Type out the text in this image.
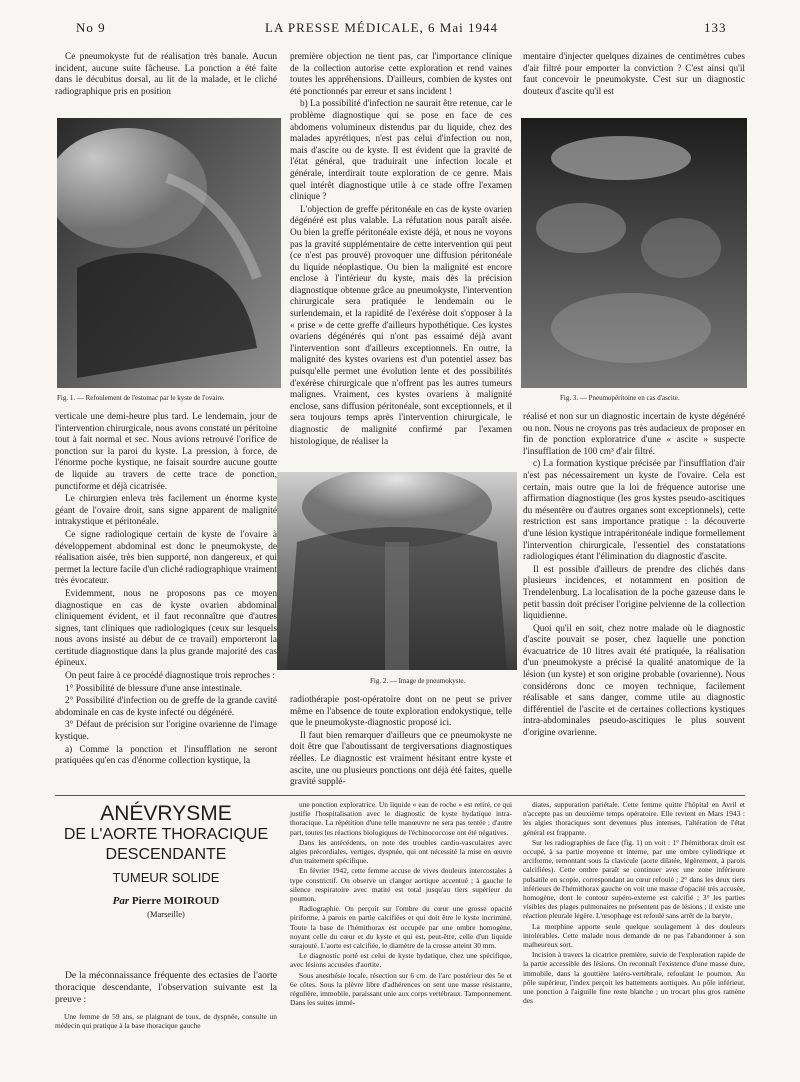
No 9	LA PRESSE MÉDICALE, 6 Mai 1944	133

Ce pneumokyste fut de réalisation très banale. Aucun incident, aucune suite fâcheuse. La ponction a été faite dans le décubitus dorsal, au lit de la malade, et le cliché radiographique pris en position

Fig. 1. — Refoulement de l'estomac par le kyste de l'ovaire.

verticale une demi-heure plus tard. Le lendemain, jour de l'intervention chirurgicale, nous avons constaté un péritoine tout à fait normal et sec. Nous avions retrouvé l'orifice de ponction sur la paroi du kyste. La pression, à force, de l'énorme poche kystique, ne faisait sourdre aucune goutte de liquide au travers de cette trace de ponction, punctiforme et déjà cicatrisée.

Le chirurgien enleva très facilement un énorme kyste géant de l'ovaire droit, sans signe apparent de malignité intrakystique et péritonéale.

Ce signe radiologique certain de kyste de l'ovaire à développement abdominal est donc le pneumokyste, de réalisation aisée, très bien supporté, non dangereux, et qui permet la lecture facile d'un cliché radiographique vraiment très évocateur.

Evidemment, nous ne proposons pas ce moyen diagnostique en cas de kyste ovarien abdominal cliniquement évident, et il faut reconnaître que d'autres signes, tant cliniques que radiologiques (ceux sur lesquels nous avons insisté au début de ce travail) emporteront la certitude diagnostique dans la plus grande majorité des cas épineux.

On peut faire à ce procédé diagnostique trois reproches :

1° Possibilité de blessure d'une anse intestinale.

2° Possibilité d'infection ou de greffe de la grande cavité abdominale en cas de kyste infecté ou dégénéré.

3° Défaut de précision sur l'origine ovarienne de l'image kystique.

a) Comme la ponction et l'insufflation ne seront pratiquées qu'en cas d'énorme collection kystique, la

première objection ne tient pas, car l'importance clinique de la collection autorise cette exploration et rend vaines toutes les appréhensions. D'ailleurs, combien de kystes ont été ponctionnés par erreur et sans incident !

b) La possibilité d'infection ne saurait être retenue, car le problème diagnostique qui se pose en face de ces abdomens volumineux distendus par du liquide, chez des malades apyrétiques, n'est pas celui d'infection ou non, mais d'ascite ou de kyste. Il est évident que la gravité de l'état général, que traduirait une infection locale et générale, interdirait toute exploration de ce genre. Mais quel intérêt diagnostique utile à ce stade offre l'examen clinique ?

L'objection de greffe péritonéale en cas de kyste ovarien dégénéré est plus valable. La réfutation nous paraît aisée. Ou bien la greffe péritonéale existe déjà, et nous ne voyons pas la gravité supplémentaire de cette intervention qui peut (ce n'est pas prouvé) provoquer une diffusion péritonéale du liquide néoplastique. Ou bien la malignité est encore enclose à l'intérieur du kyste, mais dès la précision diagnostique obtenue grâce au pneumokyste, l'intervention chirurgicale sera pratiquée le lendemain ou le surlendemain, et la rapidité de l'exérèse doit s'opposer à la « prise » de cette greffe d'ailleurs hypothétique. Ces kystes ovariens dégénérés qui n'ont pas essaimé déjà avant l'intervention sont d'ailleurs exceptionnels. En outre, la malignité des kystes ovariens est d'un potentiel assez bas puisqu'elle permet une évolution lente et des possibilités d'exérèse chirurgicale que n'offrent pas les autres tumeurs malignes. Vraiment, ces kystes ovariens à malignité enclose, sans diffusion péritonéale, sont exceptionnels, et il sera toujours temps après l'intervention chirurgicale, le diagnostic de malignité confirmé par l'examen histologique, de réaliser la

Fig. 2. — Image de pneumokyste.

radiothérapie post-opératoire dont on ne peut se priver même en l'absence de toute exploration endokystique, telle que le pneumokyste-diagnostic proposé ici.

Il faut bien remarquer d'ailleurs que ce pneumokyste ne doit être que l'aboutissant de tergiversations diagnostiques réelles. Le diagnostic est vraiment hésitant entre kyste et ascite, une ou plusieurs ponctions ont déjà été faites, quelle gravité supplé-

mentaire d'injecter quelques dizaines de centimètres cubes d'air filtré pour emporter la conviction ? C'est ainsi qu'il faut concevoir le pneumokyste. C'est sur un diagnostic douteux d'ascite qu'il est

Fig. 3. — Pneumopéritoine en cas d'ascite.

réalisé et non sur un diagnostic incertain de kyste dégénéré ou non. Nous ne croyons pas très audacieux de proposer en fin de ponction exploratrice d'une « ascite » suspecte l'insufflation de 100 cm³ d'air filtré.

c) La formation kystique précisée par l'insufflation d'air n'est pas nécessairement un kyste de l'ovaire. Cela est certain, mais outre que la loi de fréquence autorise une affirmation diagnostique (les gros kystes pseudo-ascitiques du mésentère ou d'autres organes sont exceptionnels), cette restriction est sans importance pratique : la découverte d'une lésion kystique intrapéritonéale indique formellement l'intervention chirurgicale, l'essentiel des constatations radiologiques étant l'élimination du diagnostic d'ascite.

Il est possible d'ailleurs de prendre des clichés dans plusieurs incidences, et notamment en position de Trendelenburg. La localisation de la poche gazeuse dans le petit bassin doit préciser l'origine pelvienne de la collection liquidienne.

Quoi qu'il en soit, chez notre malade où le diagnostic d'ascite pouvait se poser, chez laquelle une ponction évacuatrice de 10 litres avait été pratiquée, la réalisation d'un pneumokyste a précisé la qualité anatomique de la lésion (un kyste) et son origine probable (ovarienne). Nous considérons donc ce moyen technique, facilement réalisable et sans danger, comme utile au diagnostic différentiel de l'ascite et de certaines collections kystiques intra-abdominales pseudo-ascitiques le plus souvent d'origine ovarienne.

ANÉVRYSME
DE L'AORTE THORACIQUE
DESCENDANTE
TUMEUR SOLIDE
Par Pierre MOIROUD
(Marseille)

De la méconnaissance fréquente des ectasies de l'aorte thoracique descendante, l'observation suivante est la preuve :

Une femme de 59 ans, se plaignant de toux, de dyspnée, consulte un médecin qui pratique à la base thoracique gauche

une ponction exploratrice. Un liquide « eau de roche » est retiré, ce qui justifie l'hospitalisation avec le diagnostic de kyste hydatique intra-thoracique. La répétition d'une telle manœuvre ne sera pas tentée ; d'autre part, toutes les réactions biologiques de l'échinococcose ont été négatives.

Dans les antécédents, on note des troubles cardio-vasculaires avec algies précordiales, vertiges, dyspnée, qui ont nécessité la mise en œuvre d'un traitement spécifique.

En février 1942, cette femme accuse de vives douleurs intercostales à type constrictif. On observe un clangor aortique accentué ; à gauche le silence respiratoire avec matité est total jusqu'au tiers supérieur du poumon.

Radiographie. On perçoit sur l'ombre du cœur une grosse opacité piriforme, à parois en partie calcifiées et qui doit être le kyste incriminé. Toute la base de l'hémithorax est occupée par une ombre homogène, noyant celle du cœur et du kyste et qui est, peut-être, celle d'un liquide surajouté. L'aorte est calcifiée, le diamètre de la crosse atteint 30 mm.

Le diagnostic porté est celui de kyste hydatique, chez une spécifique, avec lésions accusées d'aortite.

Sous anesthésie locale, résection sur 6 cm. de l'arc postérieur des 5e et 6e côtes. Sous la plèvre libre d'adhérences on sent une masse résistante, régulière, immobile, paraissant unie aux corps vertébraux. Tamponnement. Dans les suites immé-

diates, suppuration pariétale. Cette femme quitte l'hôpital en Avril et n'accepte pas un deuxième temps opératoire. Elle revient en Mars 1943 : les algies thoraciques sont devenues plus intenses, l'altération de l'état général est frappante.

Sur les radiographies de face (fig. 1) on voit : 1° l'hémithorax droit est occupé, à sa partie moyenne et interne, par une ombre cylindrique et arciforme, remontant sous la clavicule (aorte dilatée, légèrement, à parois calcifiées). Cette ombre paraît se continuer avec une zone inférieure pulsatile en scopie, correspondant au cœur refoulé ; 2° dans les deux tiers inférieurs de l'hémithorax gauche on voit une masse d'opacité très accusée, homogène, dont le contour supéro-externe est calcifié ; 3° les parties visibles des plages pulmonaires ne présentent pas de lésions ; il existe une réaction pleurale légère. L'œsophage est refoulé sans arrêt de la baryte.

La morphine apporte seule quelque soulagement à des douleurs intolérables. Cette malade nous demande de ne pas l'abandonner à son malheureux sort.

Incision à travers la cicatrice première, suivie de l'exploration rapide de la partie accessible des lésions. On reconnaît l'existence d'une masse dure, immobile, dans la gouttière latéro-vertébrale, refoulant le poumon. Au pôle supérieur, l'index perçoit les battements aortiques. Au pôle inférieur, une ponction à l'aiguille fine reste blanche ; un trocart plus gros ramène des
